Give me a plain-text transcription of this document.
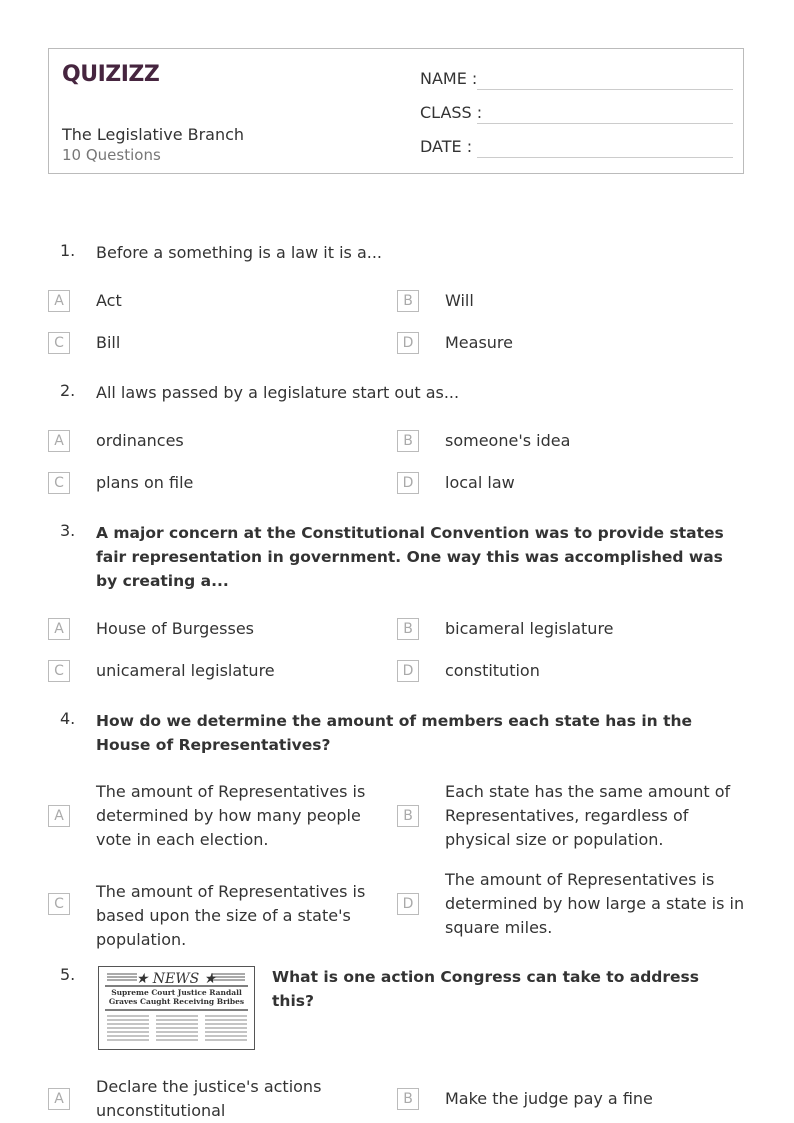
QUIZIZZ
The Legislative Branch
10 Questions
NAME :
CLASS :
DATE :
1. Before a something is a law it is a...
A	Act	B	Will
C	Bill	D	Measure
2. All laws passed by a legislature start out as...
A	ordinances	B	someone's idea
C	plans on file	D	local law
3. A major concern at the Constitutional Convention was to provide states fair representation in government. One way this was accomplished was by creating a...
A	House of Burgesses	B	bicameral legislature
C	unicameral legislature	D	constitution
4. How do we determine the amount of members each state has in the House of Representatives?
A
The amount of Representatives is determined by how many people vote in each election.
B
Each state has the same amount of Representatives, regardless of physical size or population.
C
The amount of Representatives is based upon the size of a state's population.
D
The amount of Representatives is determined by how large a state is in square miles.
5.	What is one action Congress can take to address this?
★ NEWS ★
Supreme Court Justice Randall Graves Caught Receiving Bribes
A
Declare the justice's actions unconstitutional
B	Make the judge pay a fine
